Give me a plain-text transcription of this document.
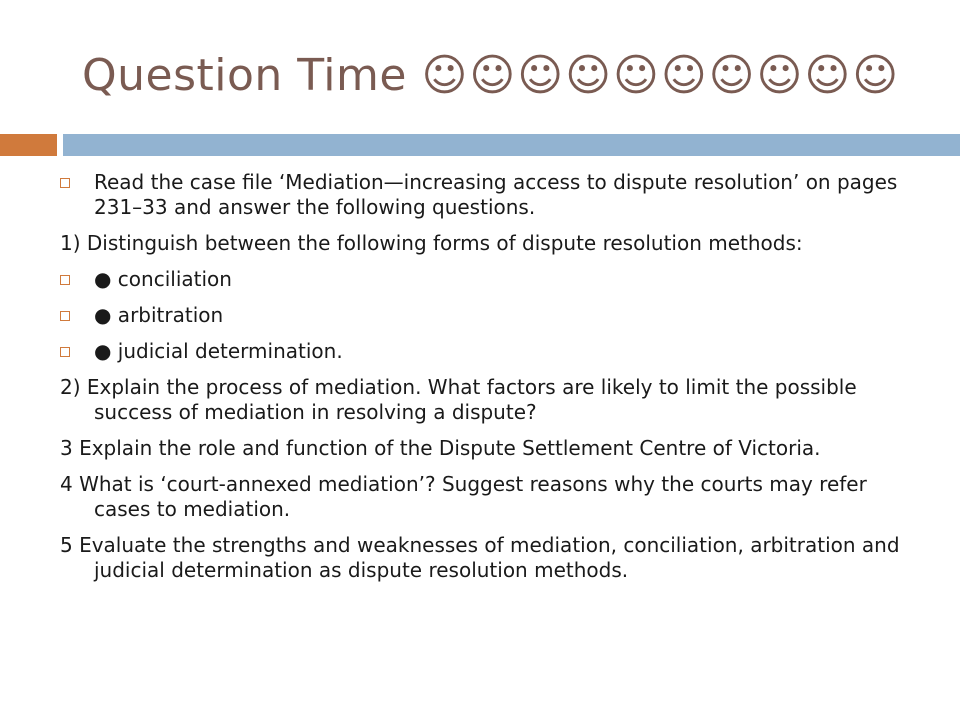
Question Time ☺☺☺☺☺☺☺☺☺☺
Read the case file ‘Mediation—increasing access to dispute resolution’ on pages 231–33 and answer the following questions.
1) Distinguish between the following forms of dispute resolution methods:
● conciliation
● arbitration
● judicial determination.
2) Explain the process of mediation. What factors are likely to limit the possible success of mediation in resolving a dispute?
3 Explain the role and function of the Dispute Settlement Centre of Victoria.
4 What is ‘court-annexed mediation’? Suggest reasons why the courts may refer cases to mediation.
5 Evaluate the strengths and weaknesses of mediation, conciliation, arbitration and judicial determination as dispute resolution methods.
